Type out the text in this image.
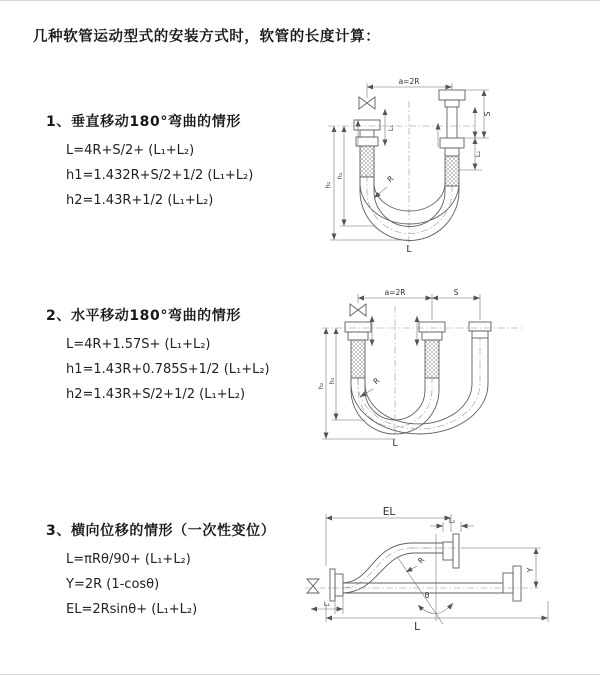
几种软管运动型式的安装方式时，软管的长度计算：
1、垂直移动180°弯曲的情形
L=4R+S/2+ (L₁+L₂)
h1=1.432R+S/2+1/2 (L₁+L₂)
h2=1.43R+1/2 (L₁+L₂)
2、水平移动180°弯曲的情形
L=4R+1.57S+ (L₁+L₂)
h1=1.43R+0.785S+1/2 (L₁+L₂)
h2=1.43R+S/2+1/2 (L₁+L₂)
3、横向位移的情形（一次性变位）
L=πRθ/90+ (L₁+L₂)
Y=2R (1-cosθ)
EL=2Rsinθ+ (L₁+L₂)
a=2R
h₂
h₁
L₁
S
L₂
R
L
a=2R	S
h₂
h₁	R
L
θ
R
EL
L₂
Y
L₁
L
